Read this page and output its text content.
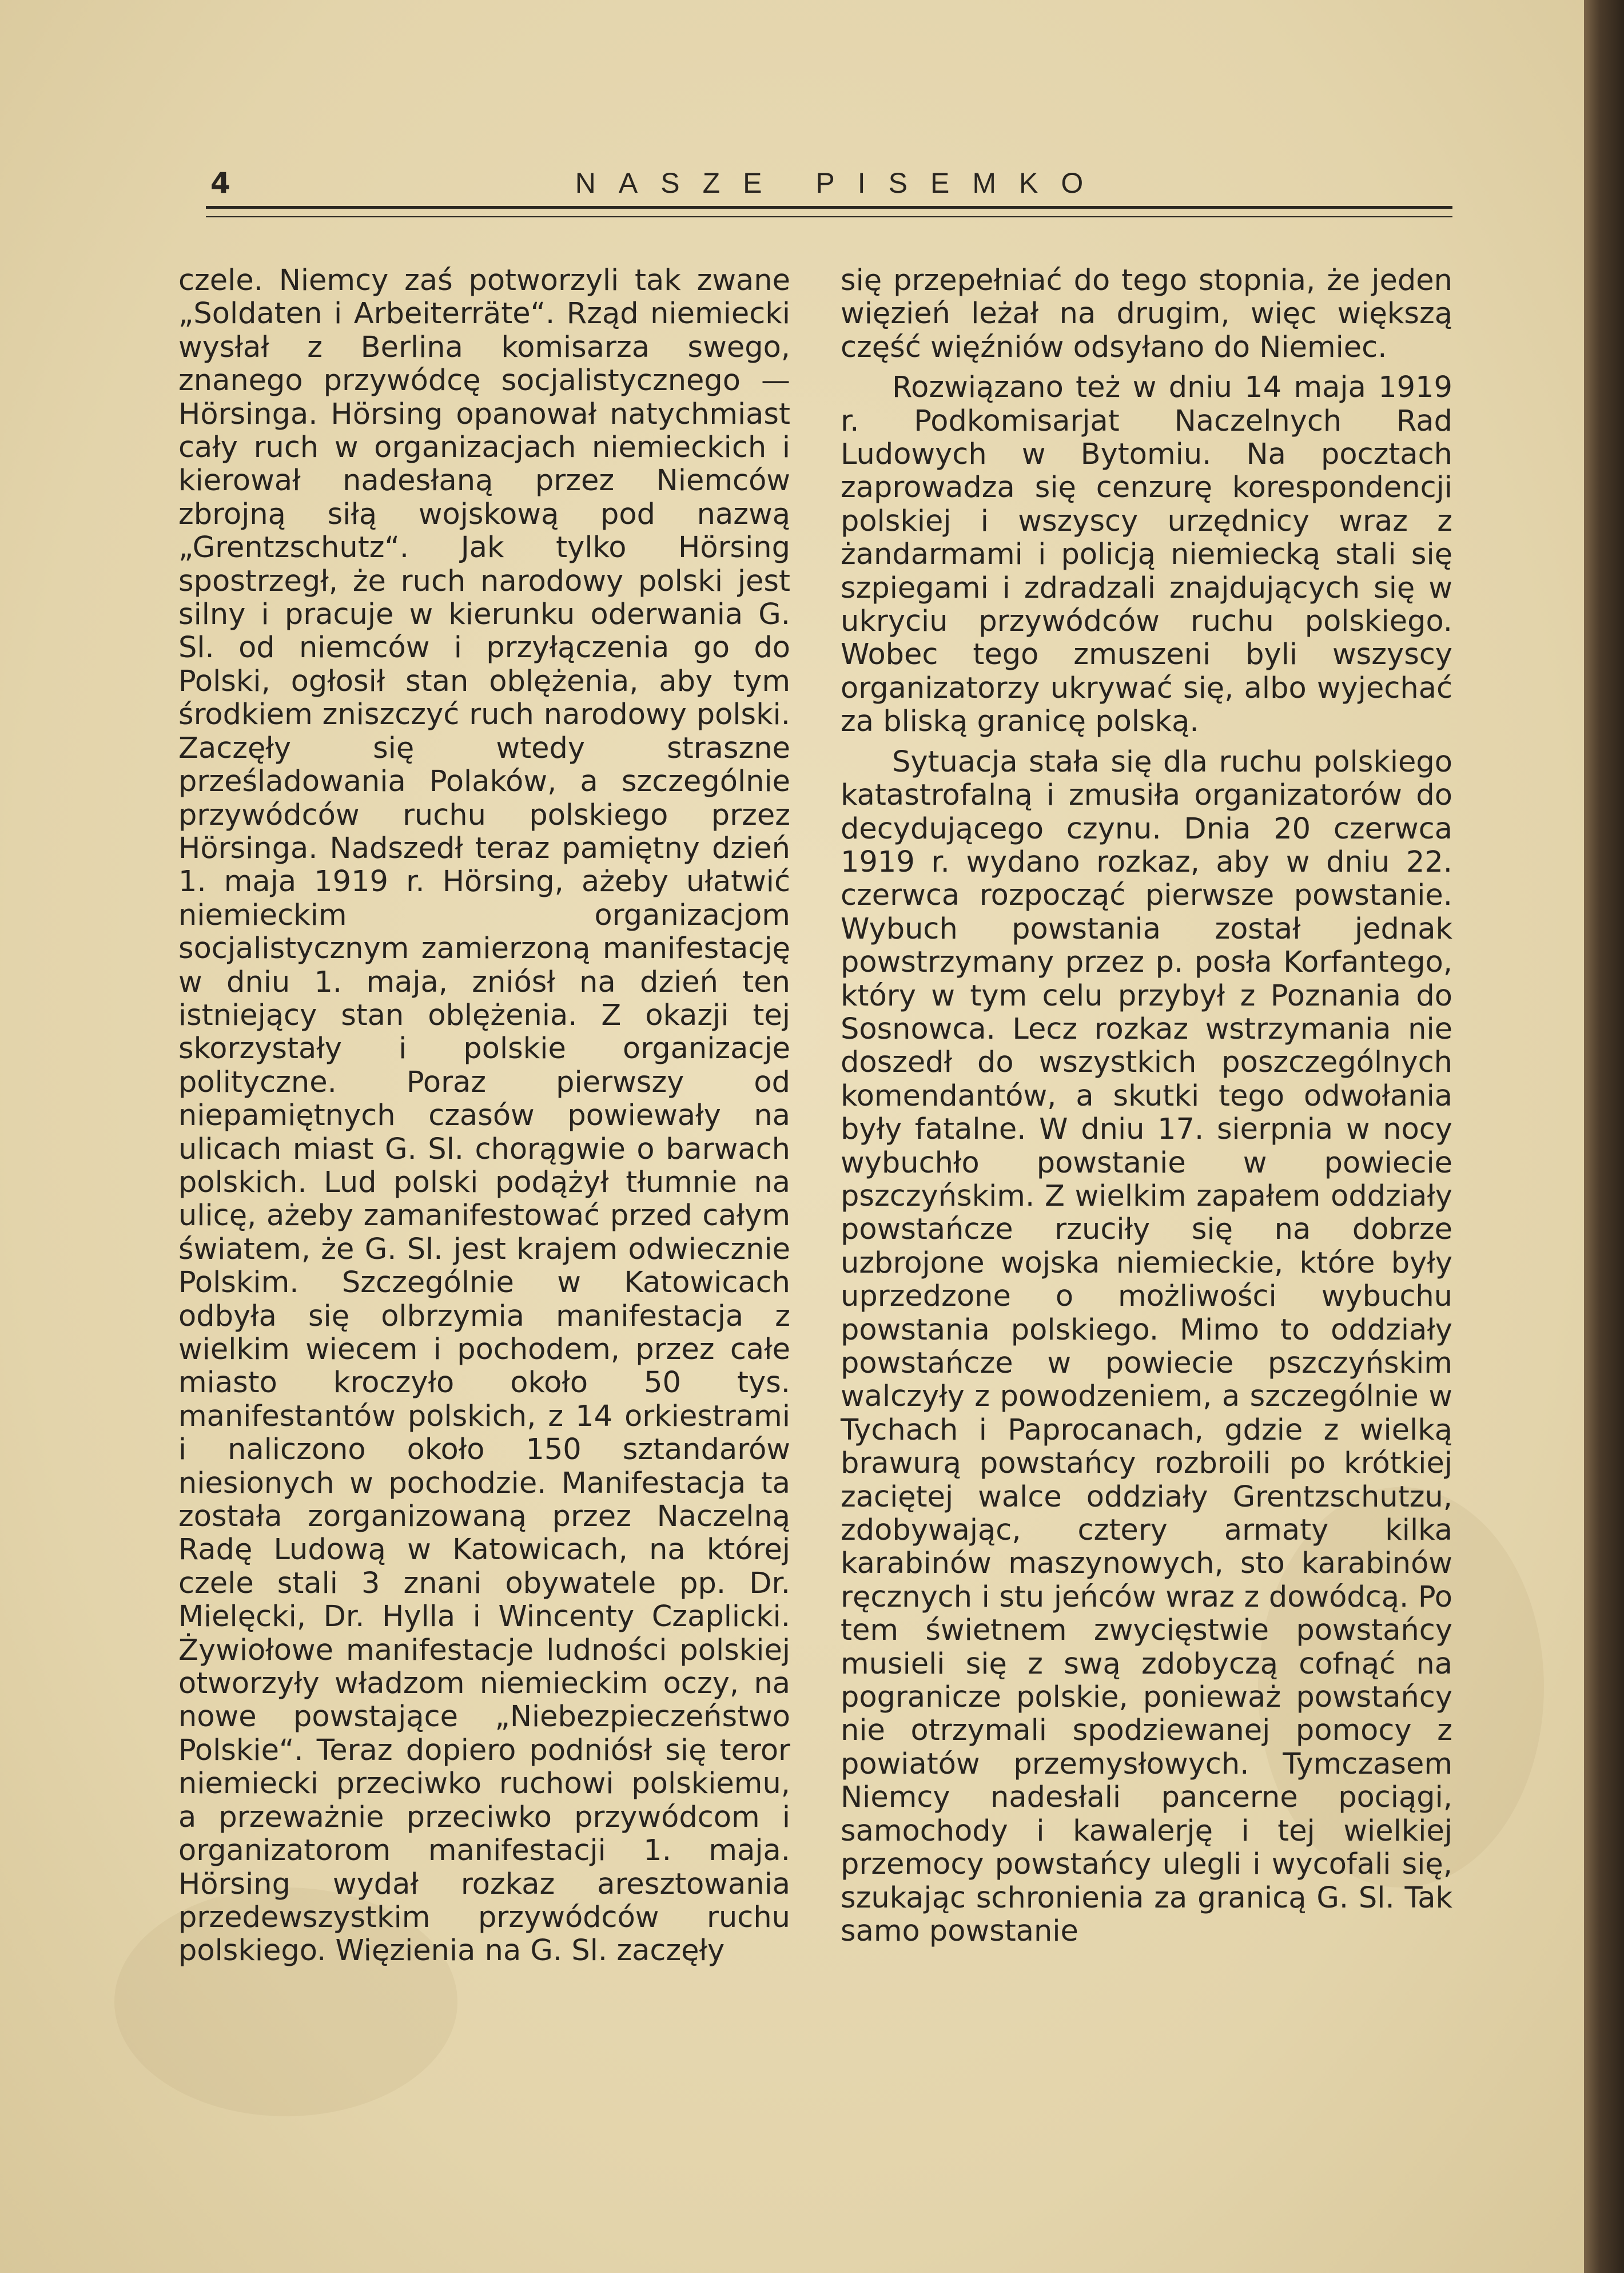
4	NASZE PISEMKO

czele. Niemcy zaś potworzyli tak zwane „Soldaten i Arbeiterräte“. Rząd niemiecki wysłał z Berlina komisarza swego, znanego przywódcę socjalistycznego — Hörsinga. Hörsing opanował natychmiast cały ruch w organizacjach niemieckich i kierował nadesłaną przez Niemców zbrojną siłą wojskową pod nazwą „Grentzschutz“. Jak tylko Hörsing spostrzegł, że ruch narodowy polski jest silny i pracuje w kierunku oderwania G. Sl. od niemców i przyłączenia go do Polski, ogłosił stan oblężenia, aby tym środkiem zniszczyć ruch narodowy polski. Zaczęły się wtedy straszne prześladowania Polaków, a szczególnie przywódców ruchu polskiego przez Hörsinga. Nadszedł teraz pamiętny dzień 1. maja 1919 r. Hörsing, ażeby ułatwić niemieckim organizacjom socjalistycznym zamierzoną manifestację w dniu 1. maja, zniósł na dzień ten istniejący stan oblężenia. Z okazji tej skorzystały i polskie organizacje polityczne. Poraz pierwszy od niepamiętnych czasów powiewały na ulicach miast G. Sl. chorągwie o barwach polskich. Lud polski podążył tłumnie na ulicę, ażeby zamanifestować przed całym światem, że G. Sl. jest krajem odwiecznie Polskim. Szczególnie w Katowicach odbyła się olbrzymia manifestacja z wielkim wiecem i pochodem, przez całe miasto kroczyło około 50 tys. manifestantów polskich, z 14 orkiestrami i naliczono około 150 sztandarów niesionych w pochodzie. Manifestacja ta została zorganizowaną przez Naczelną Radę Ludową w Katowicach, na której czele stali 3 znani obywatele pp. Dr. Mielęcki, Dr. Hylla i Wincenty Czaplicki. Żywiołowe manifestacje ludności polskiej otworzyły władzom niemieckim oczy, na nowe powstające „Niebezpieczeństwo Polskie“. Teraz dopiero podniósł się teror niemiecki przeciwko ruchowi polskiemu, a przeważnie przeciwko przywódcom i organizatorom manifestacji 1. maja. Hörsing wydał rozkaz aresztowania przedewszystkim przywódców ruchu polskiego. Więzienia na G. Sl. zaczęły

się przepełniać do tego stopnia, że jeden więzień leżał na drugim, więc większą część więźniów odsyłano do Niemiec.

Rozwiązano też w dniu 14 maja 1919 r. Podkomisarjat Naczelnych Rad Ludowych w Bytomiu. Na pocztach zaprowadza się cenzurę korespondencji polskiej i wszyscy urzędnicy wraz z żandarmami i policją niemiecką stali się szpiegami i zdradzali znajdujących się w ukryciu przywódców ruchu polskiego. Wobec tego zmuszeni byli wszyscy organizatorzy ukrywać się, albo wyjechać za bliską granicę polską.

Sytuacja stała się dla ruchu polskiego katastrofalną i zmusiła organizatorów do decydującego czynu. Dnia 20 czerwca 1919 r. wydano rozkaz, aby w dniu 22. czerwca rozpocząć pierwsze powstanie. Wybuch powstania został jednak powstrzymany przez p. posła Korfantego, który w tym celu przybył z Poznania do Sosnowca. Lecz rozkaz wstrzymania nie doszedł do wszystkich poszczególnych komendantów, a skutki tego odwołania były fatalne. W dniu 17. sierpnia w nocy wybuchło powstanie w powiecie pszczyńskim. Z wielkim zapałem oddziały powstańcze rzuciły się na dobrze uzbrojone wojska niemieckie, które były uprzedzone o możliwości wybuchu powstania polskiego. Mimo to oddziały powstańcze w powiecie pszczyńskim walczyły z powodzeniem, a szczególnie w Tychach i Paprocanach, gdzie z wielką brawurą powstańcy rozbroili po krótkiej zaciętej walce oddziały Grentzschutzu, zdobywając, cztery armaty kilka karabinów maszynowych, sto karabinów ręcznych i stu jeńców wraz z dowódcą. Po tem świetnem zwycięstwie powstańcy musieli się z swą zdobyczą cofnąć na pogranicze polskie, ponieważ powstańcy nie otrzymali spodziewanej pomocy z powiatów przemysłowych. Tymczasem Niemcy nadesłali pancerne pociągi, samochody i kawalerję i tej wielkiej przemocy powstańcy ulegli i wycofali się, szukając schronienia za granicą G. Sl. Tak samo powstanie
